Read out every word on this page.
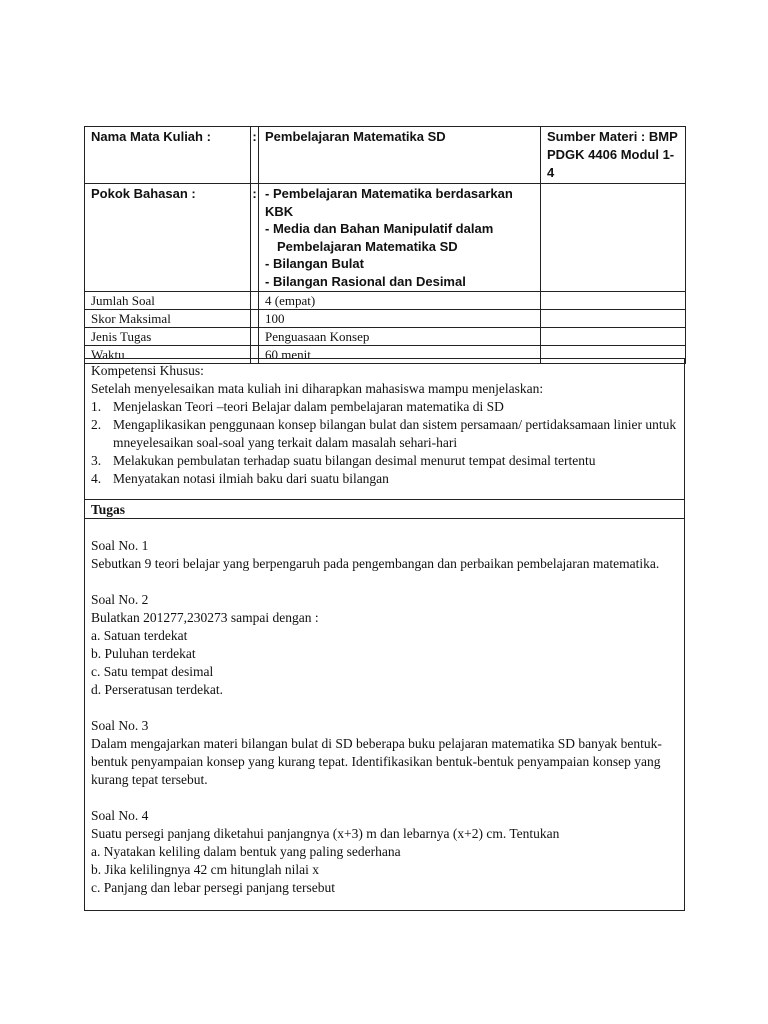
Nama Mata Kuliah :	:	Pembelajaran Matematika SD	Sumber Materi : BMP
PDGK 4406 Modul 1- 4

Pokok Bahasan :	:	- Pembelajaran Matematika berdasarkan KBK
- Media dan Bahan Manipulatif dalam
Pembelajaran Matematika SD
- Bilangan Bulat
- Bilangan Rasional dan Desimal	

Jumlah Soal		4 (empat)	
Skor Maksimal		100	
Jenis Tugas		Penguasaan Konsep	
Waktu		60 menit	
Kompetensi Khusus:
Setelah menyelesaikan mata kuliah ini diharapkan mahasiswa mampu menjelaskan:
1. Menjelaskan Teori –teori Belajar dalam pembelajaran matematika di SD
2. Mengaplikasikan penggunaan konsep bilangan bulat dan sistem persamaan/ pertidaksamaan linier untuk mneyelesaikan soal-soal yang terkait dalam masalah sehari-hari
3. Melakukan pembulatan terhadap suatu bilangan desimal menurut tempat desimal tertentu
4. Menyatakan notasi ilmiah baku dari suatu bilangan
Tugas
Soal No. 1
Sebutkan 9 teori belajar yang berpengaruh pada pengembangan dan perbaikan pembelajaran matematika.
Soal No. 2
Bulatkan 201277,230273 sampai dengan :
a. Satuan terdekat
b. Puluhan terdekat
c. Satu tempat desimal
d. Perseratusan terdekat.
Soal No. 3
Dalam mengajarkan materi bilangan bulat di SD beberapa buku pelajaran matematika SD banyak bentuk-bentuk penyampaian konsep yang kurang tepat. Identifikasikan bentuk-bentuk penyampaian konsep yang kurang tepat tersebut.
Soal No. 4
Suatu persegi panjang diketahui panjangnya (x+3) m dan lebarnya (x+2) cm. Tentukan
a. Nyatakan keliling dalam bentuk yang paling sederhana
b. Jika kelilingnya 42 cm hitunglah nilai x
c. Panjang dan lebar persegi panjang tersebut
